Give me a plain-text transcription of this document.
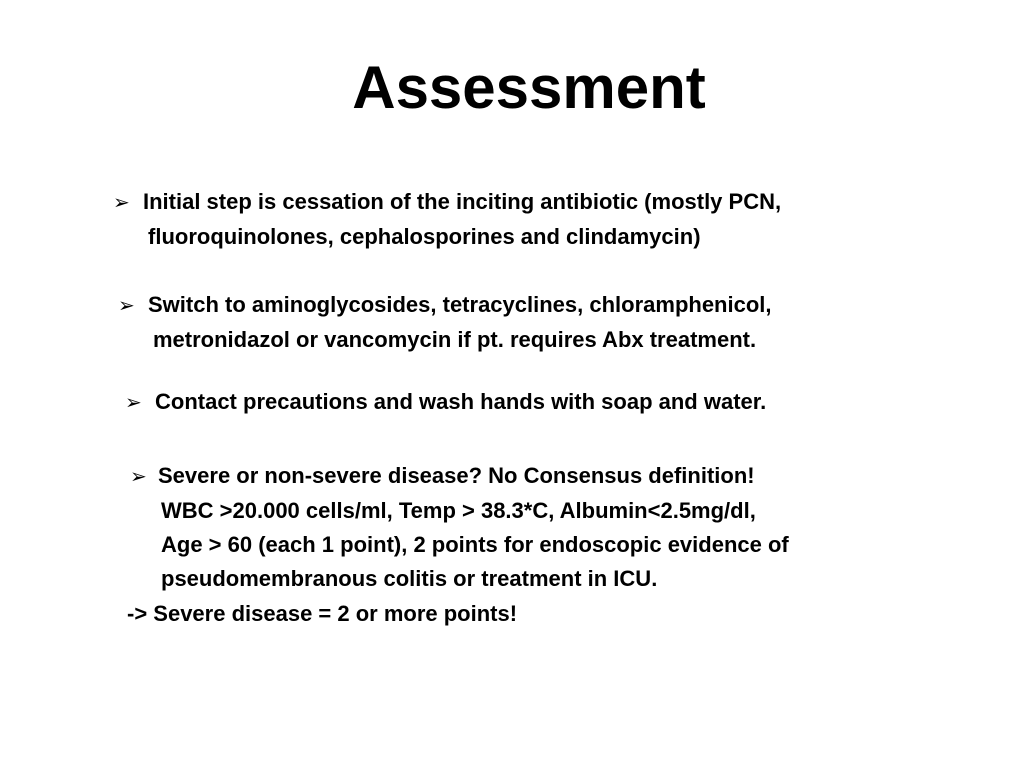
Assessment
➢ Initial step is cessation of the inciting antibiotic (mostly PCN,
fluoroquinolones, cephalosporines and clindamycin)
➢ Switch to aminoglycosides, tetracyclines, chloramphenicol,
metronidazol or vancomycin if pt. requires Abx treatment.
➢ Contact precautions and wash hands with soap and water.
➢ Severe or non-severe disease? No Consensus definition!
WBC >20.000 cells/ml, Temp > 38.3*C, Albumin<2.5mg/dl,
Age > 60 (each 1 point), 2 points for endoscopic evidence of
pseudomembranous colitis or treatment in ICU.
-> Severe disease = 2 or more points!
